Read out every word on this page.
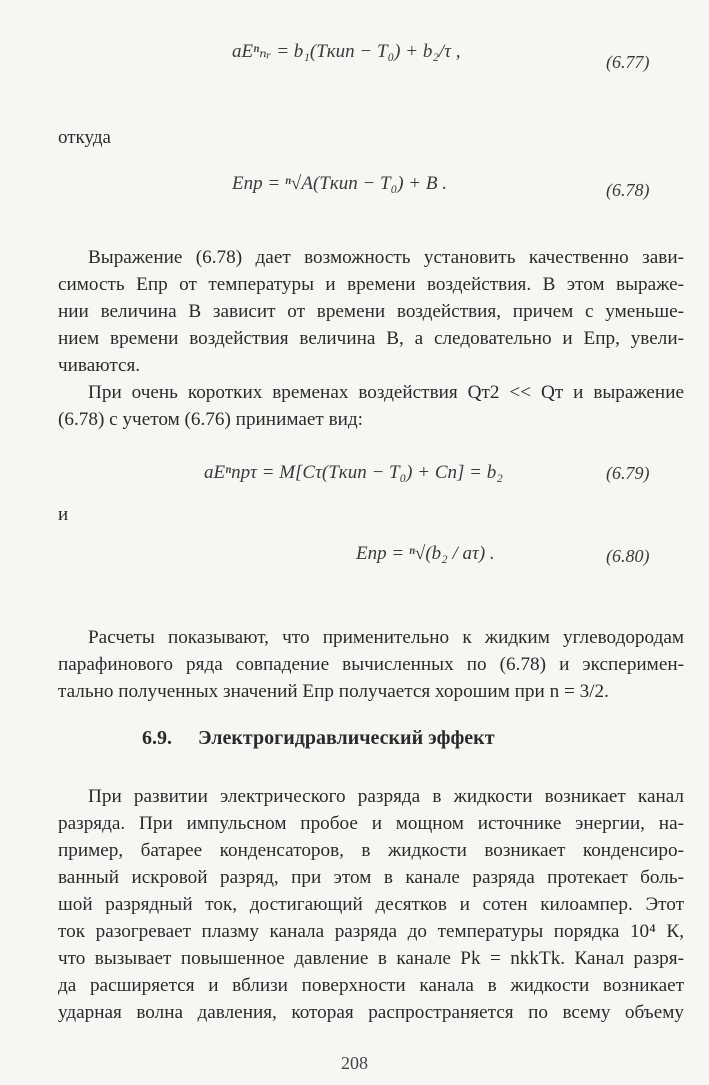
aEⁿₙᵣ = b₁(Tкип − T₀) + b₂/τ ,	(6.77)
откуда
Eпр = ⁿ√A(Tкип − T₀) + B .	(6.78)
Выражение (6.78) дает возможность установить качественно зави-
симость Eпр от температуры и времени воздействия. В этом выраже-
нии величина B зависит от времени воздействия, причем с уменьше-
нием времени воздействия величина B, а следовательно и Eпр, увели-
чиваются.
При очень коротких временах воздействия Qт2 << Qт и выражение
(6.78) с учетом (6.76) принимает вид:
aEⁿпрτ = M[Cτ(Tкип − T₀) + Cп] = b₂	(6.79)
и
Eпр = ⁿ√(b₂ / aτ) .	(6.80)
Расчеты показывают, что применительно к жидким углеводородам
парафинового ряда совпадение вычисленных по (6.78) и эксперимен-
тально полученных значений Eпр получается хорошим при n = 3/2.
6.9. Электрогидравлический эффект
При развитии электрического разряда в жидкости возникает канал
разряда. При импульсном пробое и мощном источнике энергии, на-
пример, батарее конденсаторов, в жидкости возникает конденсиро-
ванный искровой разряд, при этом в канале разряда протекает боль-
шой разрядный ток, достигающий десятков и сотен килоампер. Этот
ток разогревает плазму канала разряда до температуры порядка 10⁴ К,
что вызывает повышенное давление в канале Pk = nkkTk. Канал разря-
да расширяется и вблизи поверхности канала в жидкости возникает
ударная волна давления, которая распространяется по всему объему
208
